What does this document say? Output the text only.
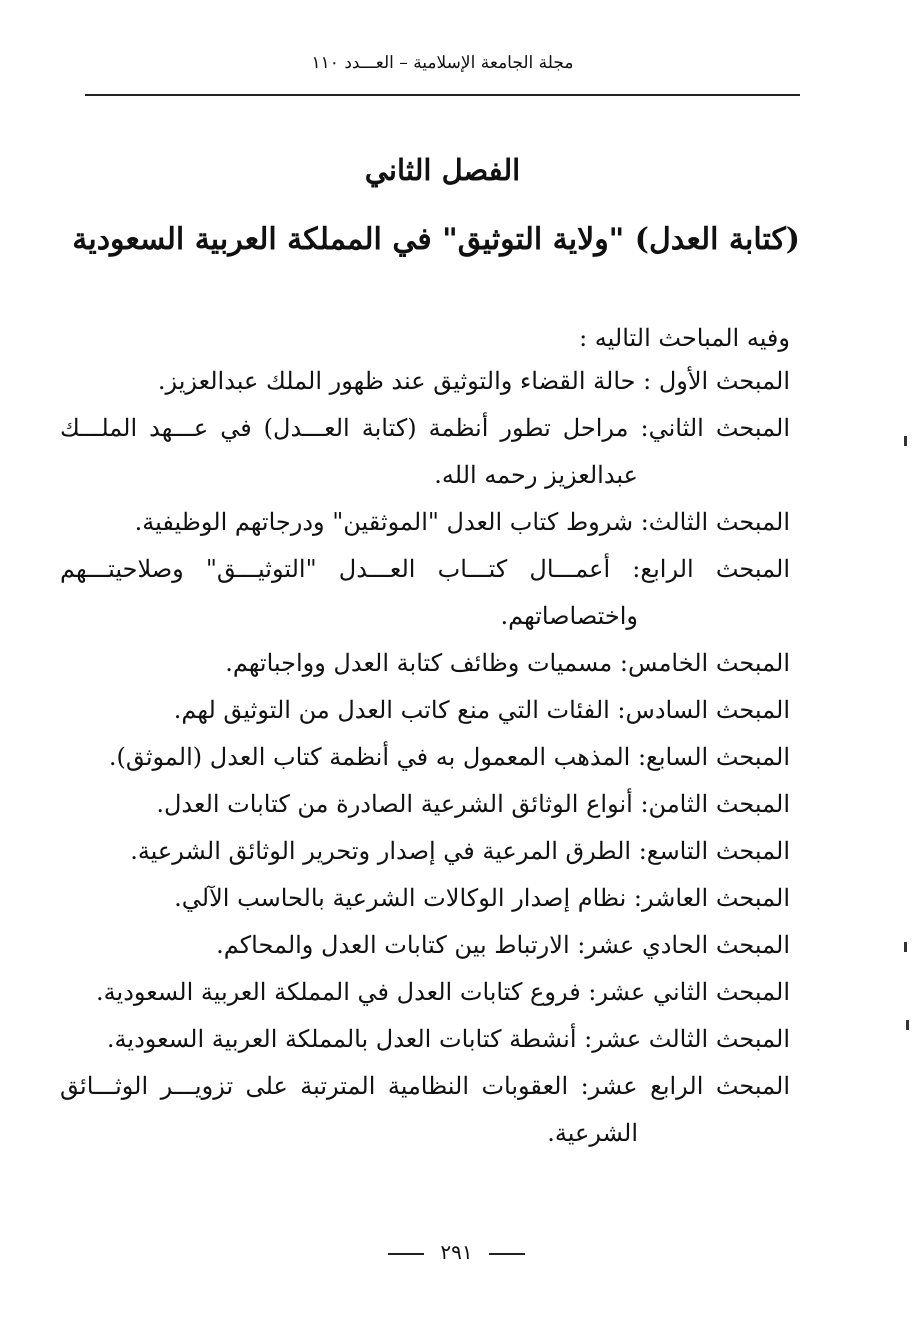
مجلة الجامعة الإسلامية – العـــدد ١١٠
الفصل الثاني
(كتابة العدل) "ولاية التوثيق" في المملكة العربية السعودية
وفيه المباحث التاليه :
المبحث الأول : حالة القضاء والتوثيق عند ظهور الملك عبدالعزيز.
المبحث الثاني: مراحل تطور أنظمة (كتابة العـــدل) في عـــهد الملـــك
عبدالعزيز رحمه الله.
المبحث الثالث: شروط كتاب العدل "الموثقين" ودرجاتهم الوظيفية.
المبحث الرابع: أعمـــال كتـــاب العـــدل "التوثيـــق" وصلاحيتـــهم
واختصاصاتهم.
المبحث الخامس: مسميات وظائف كتابة العدل وواجباتهم.
المبحث السادس: الفئات التي منع كاتب العدل من التوثيق لهم.
المبحث السابع: المذهب المعمول به في أنظمة كتاب العدل (الموثق).
المبحث الثامن: أنواع الوثائق الشرعية الصادرة من كتابات العدل.
المبحث التاسع: الطرق المرعية في إصدار وتحرير الوثائق الشرعية.
المبحث العاشر: نظام إصدار الوكالات الشرعية بالحاسب الآلي.
المبحث الحادي عشر: الارتباط بين كتابات العدل والمحاكم.
المبحث الثاني عشر: فروع كتابات العدل في المملكة العربية السعودية.
المبحث الثالث عشر: أنشطة كتابات العدل بالمملكة العربية السعودية.
المبحث الرابع عشر: العقوبات النظامية المترتبة على تزويـــر الوثـــائق
الشرعية.
٢٩١
